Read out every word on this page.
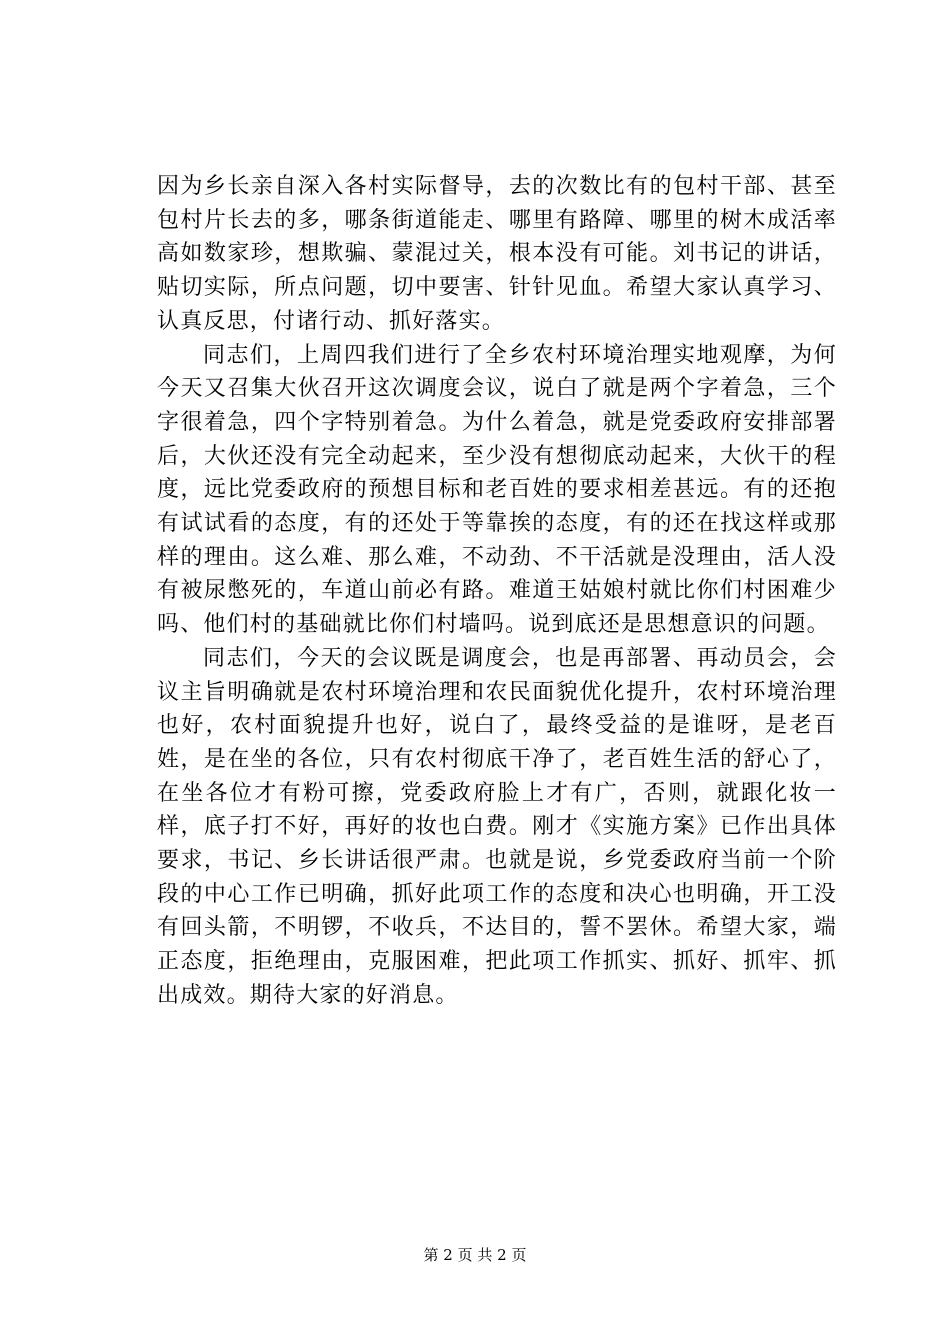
因为乡长亲自深入各村实际督导，去的次数比有的包村干部、甚至包村片长去的多，哪条街道能走、哪里有路障、哪里的树木成活率高如数家珍，想欺骗、蒙混过关，根本没有可能。刘书记的讲话，贴切实际，所点问题，切中要害、针针见血。希望大家认真学习、认真反思，付诸行动、抓好落实。

同志们，上周四我们进行了全乡农村环境治理实地观摩，为何今天又召集大伙召开这次调度会议，说白了就是两个字着急，三个字很着急，四个字特别着急。为什么着急，就是党委政府安排部署后，大伙还没有完全动起来，至少没有想彻底动起来，大伙干的程度，远比党委政府的预想目标和老百姓的要求相差甚远。有的还抱有试试看的态度，有的还处于等靠挨的态度，有的还在找这样或那样的理由。这么难、那么难，不动劲、不干活就是没理由，活人没有被尿憋死的，车道山前必有路。难道王姑娘村就比你们村困难少吗、他们村的基础就比你们村墙吗。说到底还是思想意识的问题。

同志们，今天的会议既是调度会，也是再部署、再动员会，会议主旨明确就是农村环境治理和农民面貌优化提升，农村环境治理也好，农村面貌提升也好，说白了，最终受益的是谁呀，是老百姓，是在坐的各位，只有农村彻底干净了，老百姓生活的舒心了，在坐各位才有粉可擦，党委政府脸上才有广，否则，就跟化妆一样，底子打不好，再好的妆也白费。刚才《实施方案》已作出具体要求，书记、乡长讲话很严肃。也就是说，乡党委政府当前一个阶段的中心工作已明确，抓好此项工作的态度和决心也明确，开工没有回头箭，不明锣，不收兵，不达目的，誓不罢休。希望大家，端正态度，拒绝理由，克服困难，把此项工作抓实、抓好、抓牢、抓出成效。期待大家的好消息。

第 2 页 共 2 页
